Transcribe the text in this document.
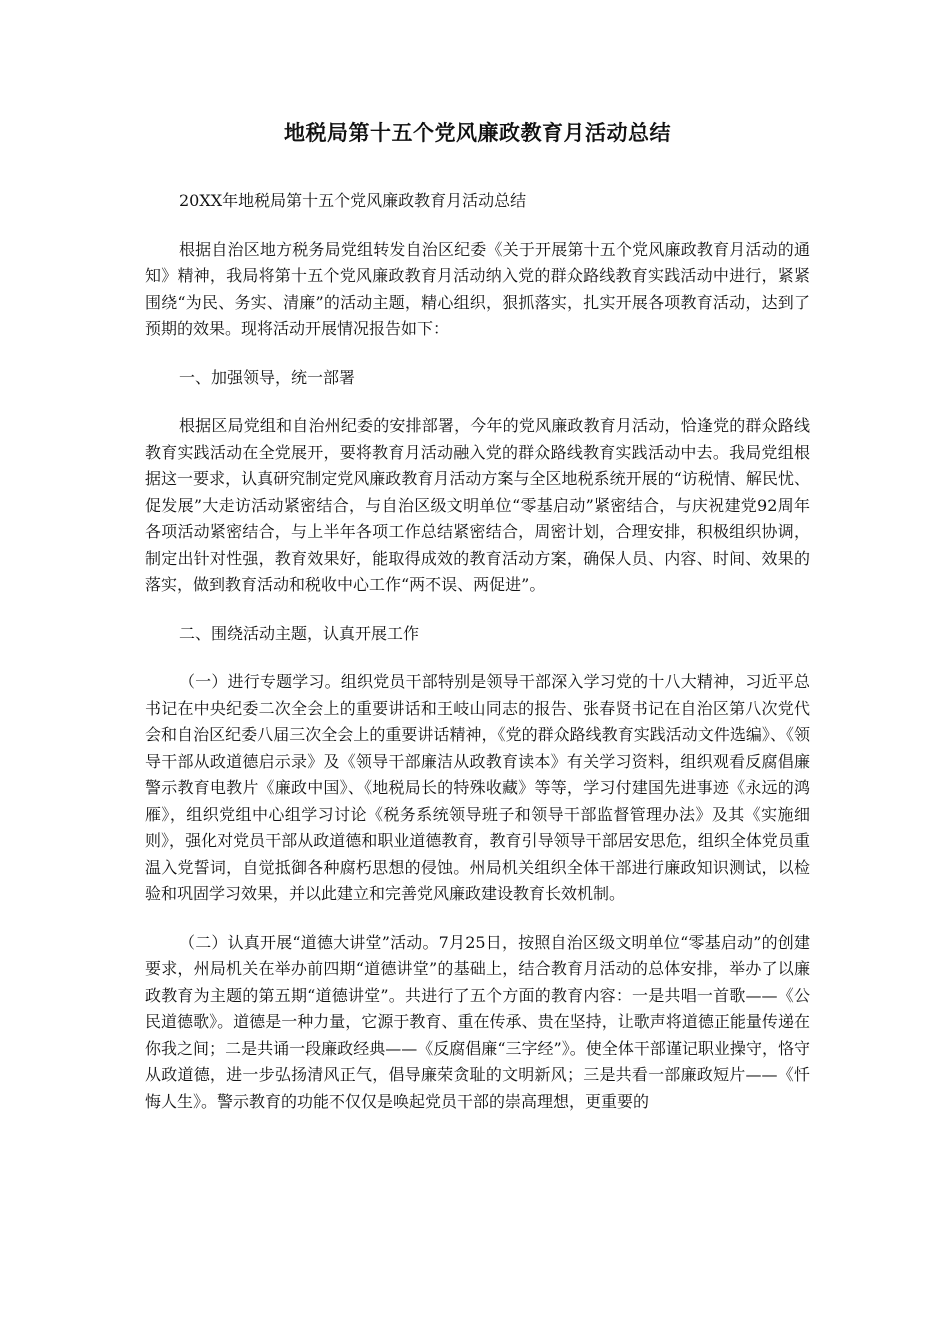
地税局第十五个党风廉政教育月活动总结

20XX年地税局第十五个党风廉政教育月活动总结

根据自治区地方税务局党组转发自治区纪委《关于开展第十五个党风廉政教育月活动的通知》精神，我局将第十五个党风廉政教育月活动纳入党的群众路线教育实践活动中进行，紧紧围绕“为民、务实、清廉”的活动主题，精心组织，狠抓落实，扎实开展各项教育活动，达到了预期的效果。现将活动开展情况报告如下：

一、加强领导，统一部署

根据区局党组和自治州纪委的安排部署，今年的党风廉政教育月活动，恰逢党的群众路线教育实践活动在全党展开，要将教育月活动融入党的群众路线教育实践活动中去。我局党组根据这一要求，认真研究制定党风廉政教育月活动方案与全区地税系统开展的“访税情、解民忧、促发展”大走访活动紧密结合，与自治区级文明单位“零基启动”紧密结合，与庆祝建党92周年各项活动紧密结合，与上半年各项工作总结紧密结合，周密计划，合理安排，积极组织协调，制定出针对性强，教育效果好，能取得成效的教育活动方案，确保人员、内容、时间、效果的落实，做到教育活动和税收中心工作“两不误、两促进”。

二、围绕活动主题，认真开展工作

（一）进行专题学习。组织党员干部特别是领导干部深入学习党的十八大精神，习近平总书记在中央纪委二次全会上的重要讲话和王岐山同志的报告、张春贤书记在自治区第八次党代会和自治区纪委八届三次全会上的重要讲话精神，《党的群众路线教育实践活动文件选编》、《领导干部从政道德启示录》及《领导干部廉洁从政教育读本》有关学习资料，组织观看反腐倡廉警示教育电教片《廉政中国》、《地税局长的特殊收藏》等等，学习付建国先进事迹《永远的鸿雁》，组织党组中心组学习讨论《税务系统领导班子和领导干部监督管理办法》及其《实施细则》，强化对党员干部从政道德和职业道德教育，教育引导领导干部居安思危，组织全体党员重温入党誓词，自觉抵御各种腐朽思想的侵蚀。州局机关组织全体干部进行廉政知识测试，以检验和巩固学习效果，并以此建立和完善党风廉政建设教育长效机制。

（二）认真开展“道德大讲堂”活动。7月25日，按照自治区级文明单位“零基启动”的创建要求，州局机关在举办前四期“道德讲堂”的基础上，结合教育月活动的总体安排，举办了以廉政教育为主题的第五期“道德讲堂”。共进行了五个方面的教育内容：一是共唱一首歌——《公民道德歌》。道德是一种力量，它源于教育、重在传承、贵在坚持，让歌声将道德正能量传递在你我之间；二是共诵一段廉政经典——《反腐倡廉“三字经”》。使全体干部谨记职业操守，恪守从政道德，进一步弘扬清风正气，倡导廉荣贪耻的文明新风；三是共看一部廉政短片——《忏悔人生》。警示教育的功能不仅仅是唤起党员干部的崇高理想，更重要的
